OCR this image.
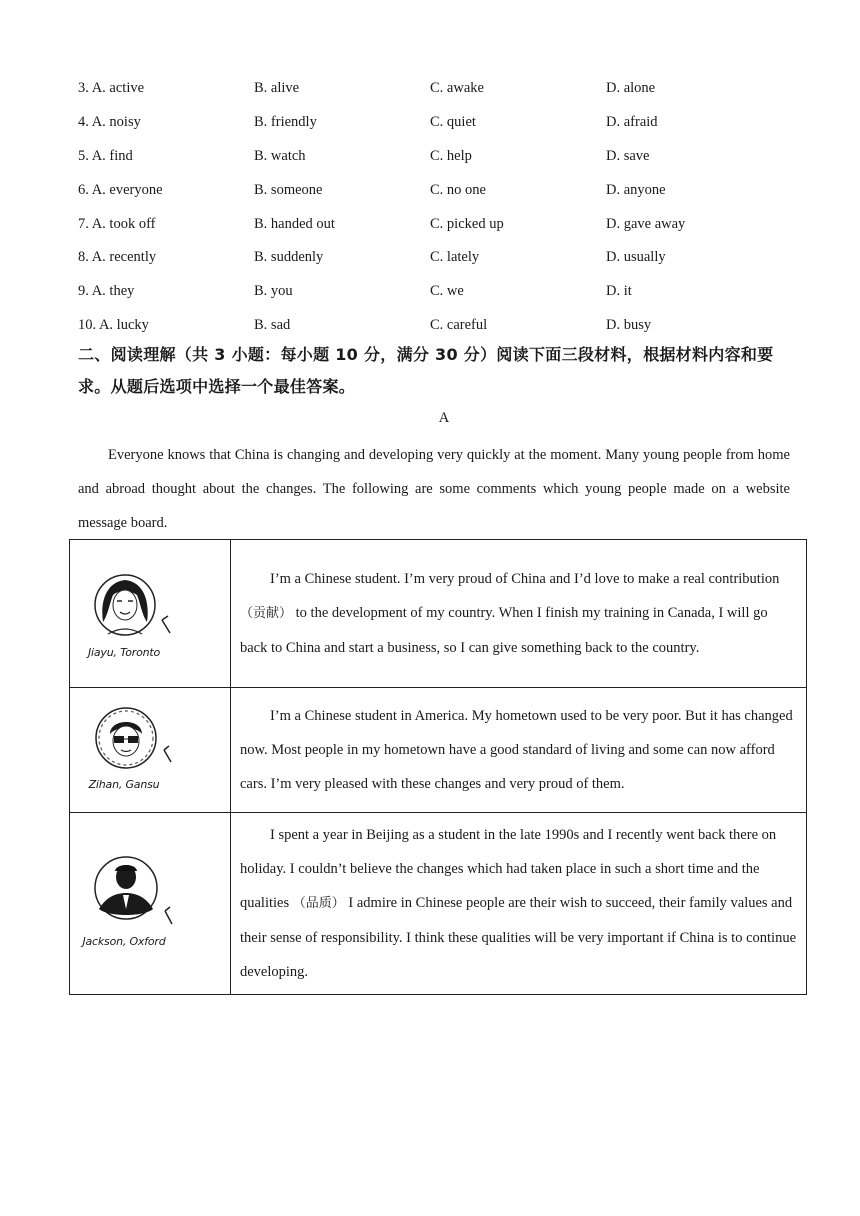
3. A. active	B. alive	C. awake	D. alone
4. A. noisy	B. friendly	C. quiet	D. afraid
5. A. find	B. watch	C. help	D. save
6. A. everyone	B. someone	C. no one	D. anyone
7. A. took off	B. handed out	C. picked up	D. gave away
8. A. recently	B. suddenly	C. lately	D. usually
9. A. they	B. you	C. we	D. it
10. A. lucky	B. sad	C. careful	D. busy
二、阅读理解（共 3 小题：每小题 10 分，满分 30 分）阅读下面三段材料，根据材料内容和要求。从题后选项中选择一个最佳答案。
A
Everyone knows that China is changing and developing very quickly at the moment. Many young people from home and abroad thought about the changes. The following are some comments which young people made on a website message board.
Jiayu, Toronto	I’m a Chinese student. I’m very proud of China and I’d love to make a real contribution （贡献） to the development of my country. When I finish my training in Canada, I will go back to China and start a business, so I can give something back to the country.

Zihan, Gansu	I’m a Chinese student in America. My hometown used to be very poor. But it has changed now. Most people in my hometown have a good standard of living and some can now afford cars. I’m very pleased with these changes and very proud of them.

Jackson, Oxford	I spent a year in Beijing as a student in the late 1990s and I recently went back there on holiday. I couldn’t believe the changes which had taken place in such a short time and the qualities （品质） I admire in Chinese people are their wish to succeed, their family values and their sense of responsibility. I think these qualities will be very important if China is to continue developing.
